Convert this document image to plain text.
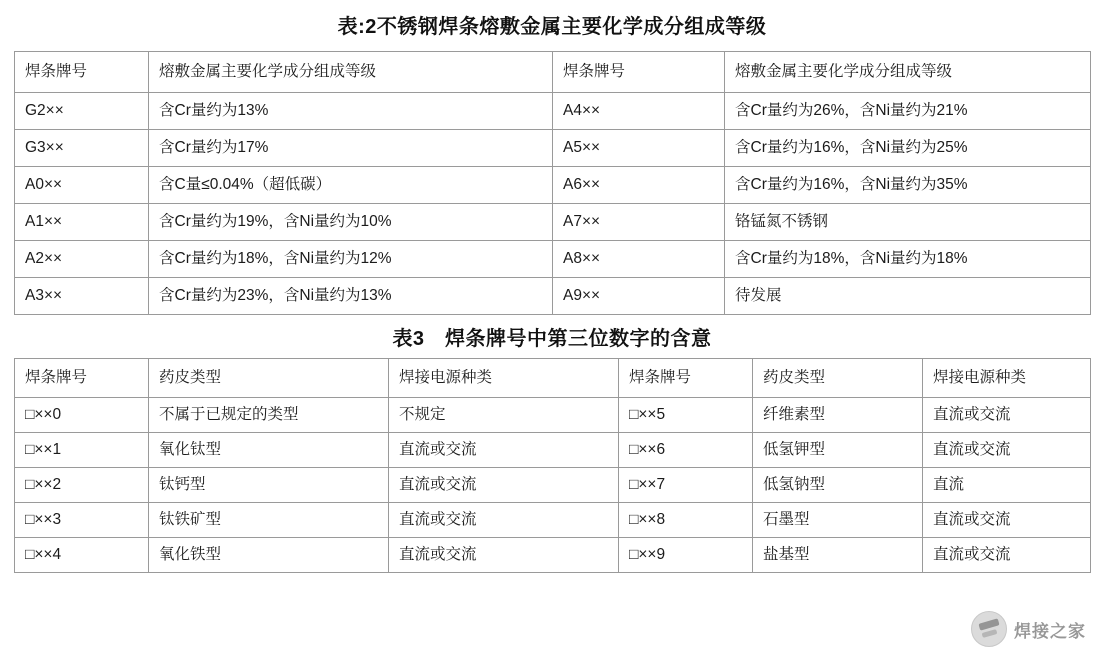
表:2不锈钢焊条熔敷金属主要化学成分组成等级
焊条牌号	熔敷金属主要化学成分组成等级	焊条牌号	熔敷金属主要化学成分组成等级
G2××	含Cr量约为13%	A4××	含Cr量约为26%，含Ni量约为21%
G3××	含Cr量约为17%	A5××	含Cr量约为16%，含Ni量约为25%
A0××	含C量≤0.04%（超低碳）	A6××	含Cr量约为16%，含Ni量约为35%
A1××	含Cr量约为19%，含Ni量约为10%	A7××	铬锰氮不锈钢
A2××	含Cr量约为18%，含Ni量约为12%	A8××	含Cr量约为18%，含Ni量约为18%
A3××	含Cr量约为23%，含Ni量约为13%	A9××	待发展
表3　焊条牌号中第三位数字的含意
焊条牌号	药皮类型	焊接电源种类	焊条牌号	药皮类型	焊接电源种类
□××0	不属于已规定的类型	不规定	□××5	纤维素型	直流或交流
□××1	氧化钛型	直流或交流	□××6	低氢钾型	直流或交流
□××2	钛钙型	直流或交流	□××7	低氢钠型	直流
□××3	钛铁矿型	直流或交流	□××8	石墨型	直流或交流
□××4	氧化铁型	直流或交流	□××9	盐基型	直流或交流
焊接之家
